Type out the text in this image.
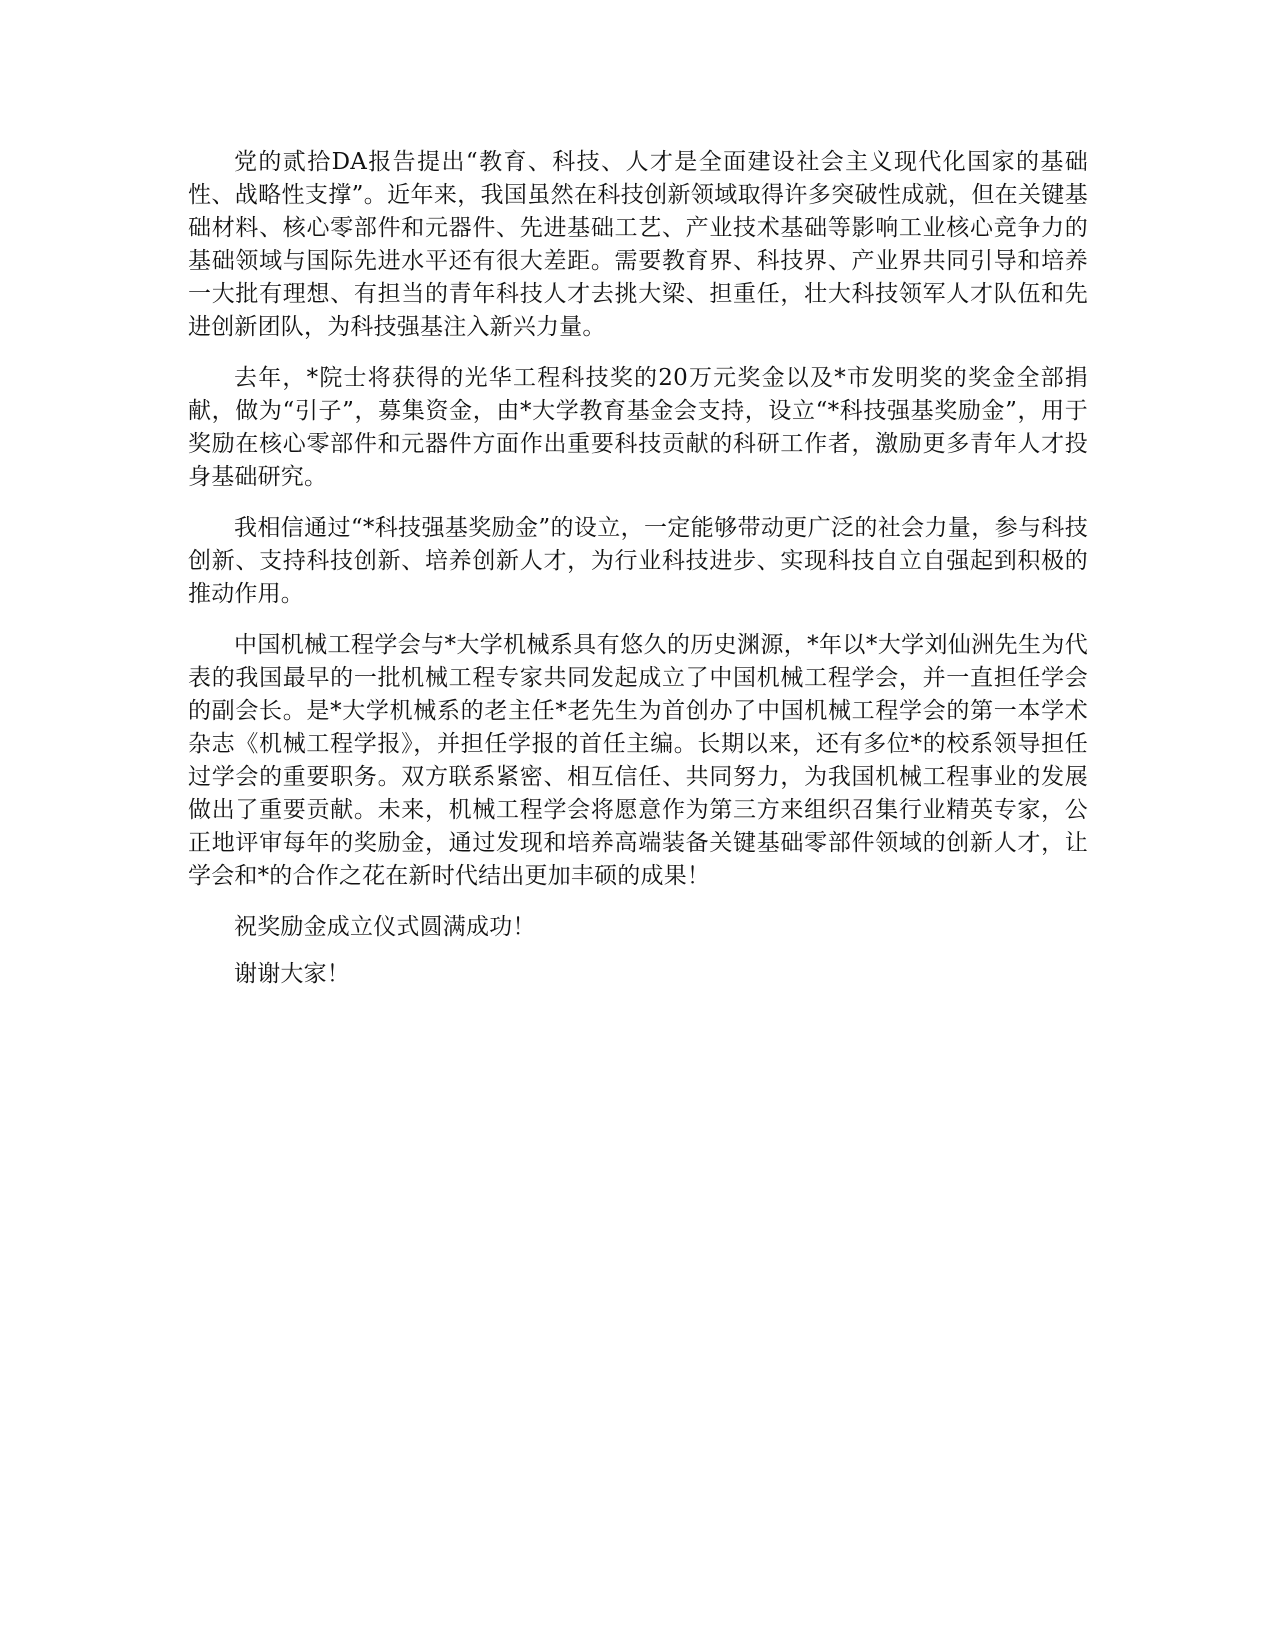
党的贰拾DA报告提出“教育、科技、人才是全面建设社会主义现代化国家的基础性、战略性支撑”。近年来，我国虽然在科技创新领域取得许多突破性成就，但在关键基础材料、核心零部件和元器件、先进基础工艺、产业技术基础等影响工业核心竞争力的基础领域与国际先进水平还有很大差距。需要教育界、科技界、产业界共同引导和培养一大批有理想、有担当的青年科技人才去挑大梁、担重任，壮大科技领军人才队伍和先进创新团队，为科技强基注入新兴力量。

去年，*院士将获得的光华工程科技奖的20万元奖金以及*市发明奖的奖金全部捐献，做为“引子”，募集资金，由*大学教育基金会支持，设立“*科技强基奖励金”，用于奖励在核心零部件和元器件方面作出重要科技贡献的科研工作者，激励更多青年人才投身基础研究。

我相信通过“*科技强基奖励金”的设立，一定能够带动更广泛的社会力量，参与科技创新、支持科技创新、培养创新人才，为行业科技进步、实现科技自立自强起到积极的推动作用。

中国机械工程学会与*大学机械系具有悠久的历史渊源，*年以*大学刘仙洲先生为代表的我国最早的一批机械工程专家共同发起成立了中国机械工程学会，并一直担任学会的副会长。是*大学机械系的老主任*老先生为首创办了中国机械工程学会的第一本学术杂志《机械工程学报》，并担任学报的首任主编。长期以来，还有多位*的校系领导担任过学会的重要职务。双方联系紧密、相互信任、共同努力，为我国机械工程事业的发展做出了重要贡献。未来，机械工程学会将愿意作为第三方来组织召集行业精英专家，公正地评审每年的奖励金，通过发现和培养高端装备关键基础零部件领域的创新人才，让学会和*的合作之花在新时代结出更加丰硕的成果！

祝奖励金成立仪式圆满成功！

谢谢大家！
